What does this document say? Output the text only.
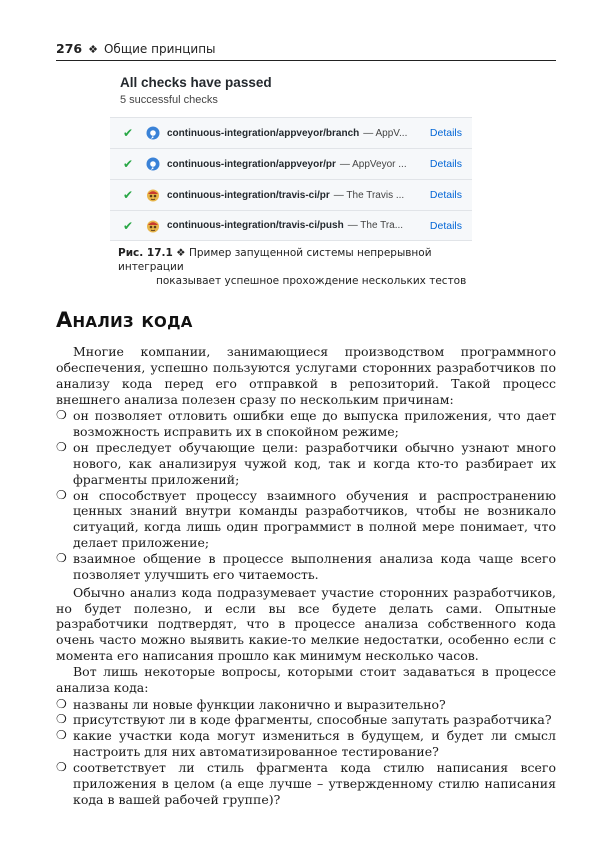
276 ❖ Общие принципы
All checks have passed
5 successful checks
✔	continuous-integration/appveyor/branch — AppV... Details
✔	continuous-integration/appveyor/pr — AppVeyor ... Details
✔	continuous-integration/travis-ci/pr — The Travis ... Details
✔	continuous-integration/travis-ci/push — The Tra...	Details
Рис. 17.1 ❖ Пример запущенной системы непрерывной интеграции
показывает успешное прохождение нескольких тестов
Анализ кода

Многие компании, занимающиеся производством программного обеспечения, успешно пользуются услугами сторонних разработчиков по анализу кода перед его отправкой в репозиторий. Такой процесс внешнего анализа полезен сразу по нескольким причинам:

❍ он позволяет отловить ошибки еще до выпуска приложения, что дает возможность исправить их в спокойном режиме;
❍ он преследует обучающие цели: разработчики обычно узнают много нового, как анализируя чужой код, так и когда кто-то разбирает их фрагменты приложений;
❍ он способствует процессу взаимного обучения и распространению ценных знаний внутри команды разработчиков, чтобы не возникало ситуаций, когда лишь один программист в полной мере понимает, что делает приложение;
❍ взаимное общение в процессе выполнения анализа кода чаще всего позволяет улучшить его читаемость.

Обычно анализ кода подразумевает участие сторонних разработчиков, но будет полезно, и если вы все будете делать сами. Опытные разработчики подтвердят, что в процессе анализа собственного кода очень часто можно выявить какие-то мелкие недостатки, особенно если с момента его написания прошло как минимум несколько часов.

Вот лишь некоторые вопросы, которыми стоит задаваться в процессе анализа кода:

❍ названы ли новые функции лаконично и выразительно?
❍ присутствуют ли в коде фрагменты, способные запутать разработчика?
❍ какие участки кода могут измениться в будущем, и будет ли смысл настроить для них автоматизированное тестирование?
❍ соответствует ли стиль фрагмента кода стилю написания всего приложения в целом (а еще лучше – утвержденному стилю написания кода в вашей рабочей группе)?
